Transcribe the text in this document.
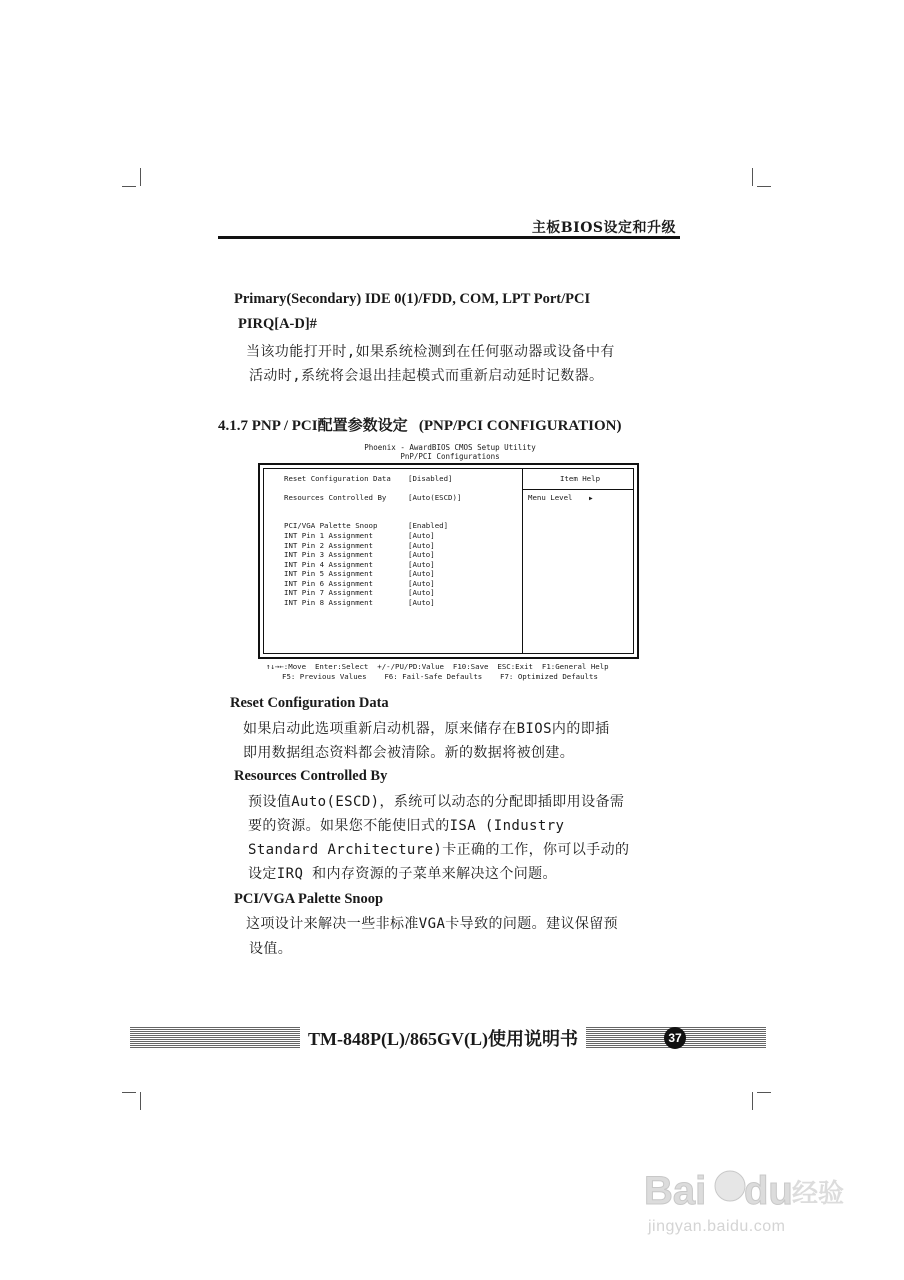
主板BIOS设定和升级
Primary(Secondary) IDE 0(1)/FDD, COM, LPT Port/PCI
PIRQ[A-D]#
当该功能打开时,如果系统检测到在任何驱动器或设备中有
活动时,系统将会退出挂起模式而重新启动延时记数器。
4.1.7 PNP / PCI配置参数设定   (PNP/PCI CONFIGURATION)
Phoenix - AwardBIOS CMOS Setup Utility
PnP/PCI Configurations
Item Help
Menu Level	▶
Reset Configuration Data [Disabled]
Resources Controlled By	[Auto(ESCD)]
PCI/VGA Palette Snoop	[Enabled]
INT Pin 1 Assignment	[Auto]
INT Pin 2 Assignment	[Auto]
INT Pin 3 Assignment	[Auto]
INT Pin 4 Assignment	[Auto]
INT Pin 5 Assignment	[Auto]
INT Pin 6 Assignment	[Auto]
INT Pin 7 Assignment	[Auto]
INT Pin 8 Assignment	[Auto]
↑↓→←:Move  Enter:Select  +/-/PU/PD:Value  F10:Save  ESC:Exit  F1:General Help
F5: Previous Values    F6: Fail-Safe Defaults    F7: Optimized Defaults
Reset Configuration Data
如果启动此选项重新启动机器，原来储存在BIOS内的即插
即用数据组态资料都会被清除。新的数据将被创建。
Resources Controlled By
预设值Auto(ESCD)，系统可以动态的分配即插即用设备需
要的资源。如果您不能使旧式的ISA (Industry
Standard Architecture)卡正确的工作，你可以手动的
设定IRQ 和内存资源的子菜单来解决这个问题。
PCI/VGA Palette Snoop
这项设计来解决一些非标准VGA卡导致的问题。建议保留预
设值。
TM-848P(L)/865GV(L)使用说明书	37
Bai du 经验
jingyan.baidu.com
